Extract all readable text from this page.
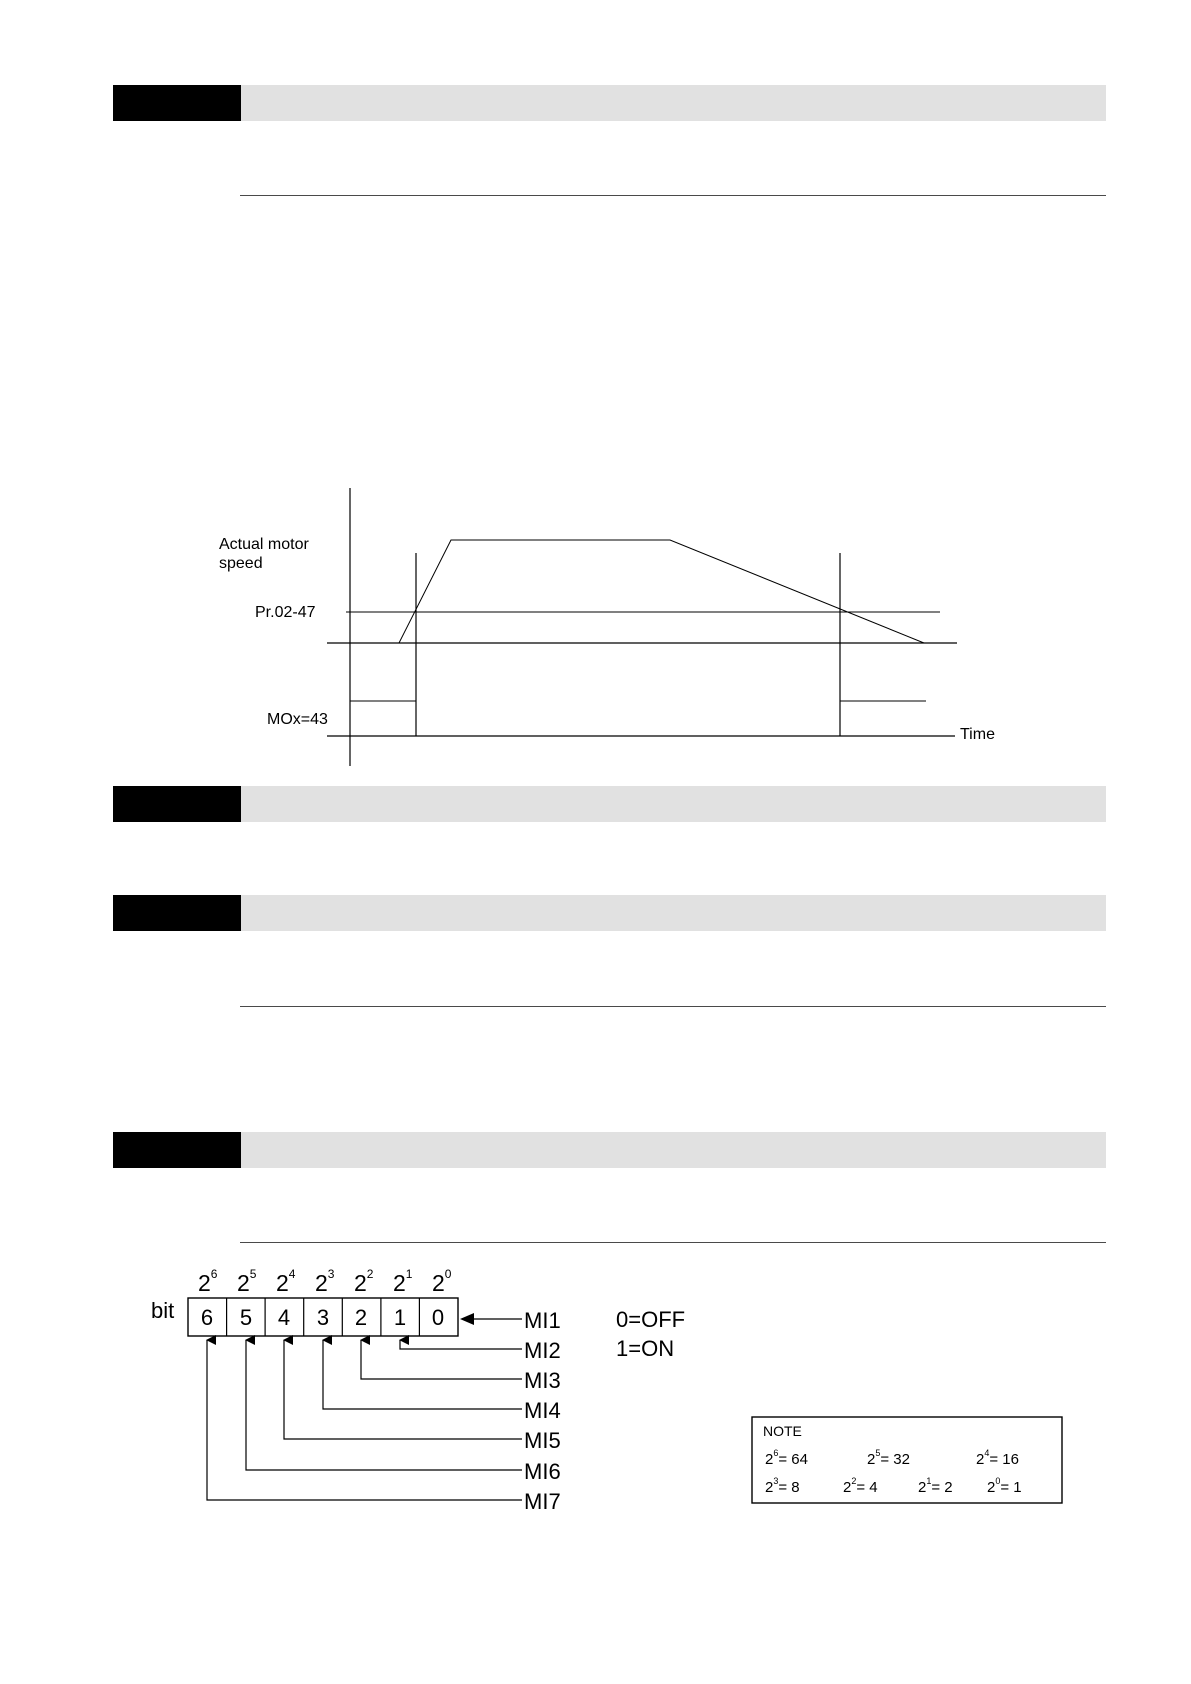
Actual motor
speed
Pr.02-47
MOx=43
Time
$2^6$ $2^5$ $2^4$ $2^3$ $2^2$ $2^1$ $2^0$
bit 6 5 4 3 2 1 0	MI1
MI2
MI3
MI4
MI5
MI6
MI7
0=OFF
1=ON
NOTE
$2^6= 64$	$2^5= 32$	$2^4= 16$
$2^3= 8$	$2^2= 4$	$2^1= 2$ $2^0= 1$
